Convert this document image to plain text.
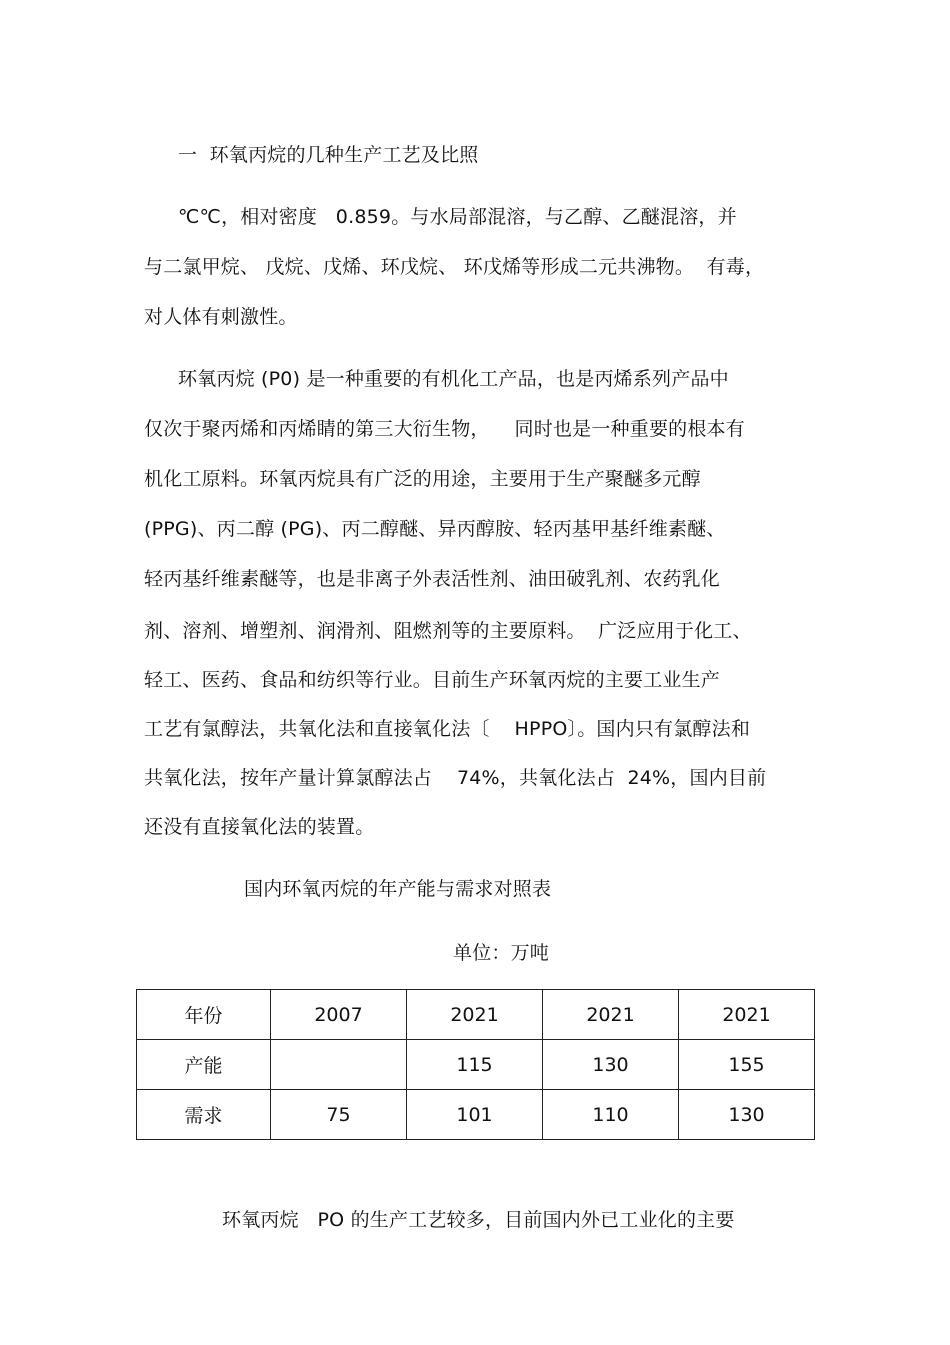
一  环氧丙烷的几种生产工艺及比照
℃℃，相对密度   0.859。与水局部混溶，与乙醇、乙醚混溶，并
与二氯甲烷、 戊烷、戊烯、环戊烷、 环戊烯等形成二元共沸物。  有毒，
对人体有刺激性。
环氧丙烷 (P0) 是一种重要的有机化工产品，也是丙烯系列产品中
仅次于聚丙烯和丙烯睛的第三大衍生物，    同时也是一种重要的根本有
机化工原料。环氧丙烷具有广泛的用途，主要用于生产聚醚多元醇
(PPG)、丙二醇 (PG)、丙二醇醚、异丙醇胺、轻丙基甲基纤维素醚、
轻丙基纤维素醚等，也是非离子外表活性剂、油田破乳剂、农药乳化
剂、溶剂、增塑剂、润滑剂、阻燃剂等的主要原料。  广泛应用于化工、
轻工、医药、食品和纺织等行业。目前生产环氧丙烷的主要工业生产
工艺有氯醇法，共氧化法和直接氧化法〔    HPPO〕。国内只有氯醇法和
共氧化法，按年产量计算氯醇法占    74%，共氧化法占  24%，国内目前
还没有直接氧化法的装置。
国内环氧丙烷的年产能与需求对照表
单位：万吨
年份	2007	2021	2021	2021
产能		115	130	155
需求	75	101	110	130
环氧丙烷   PO 的生产工艺较多，目前国内外已工业化的主要
